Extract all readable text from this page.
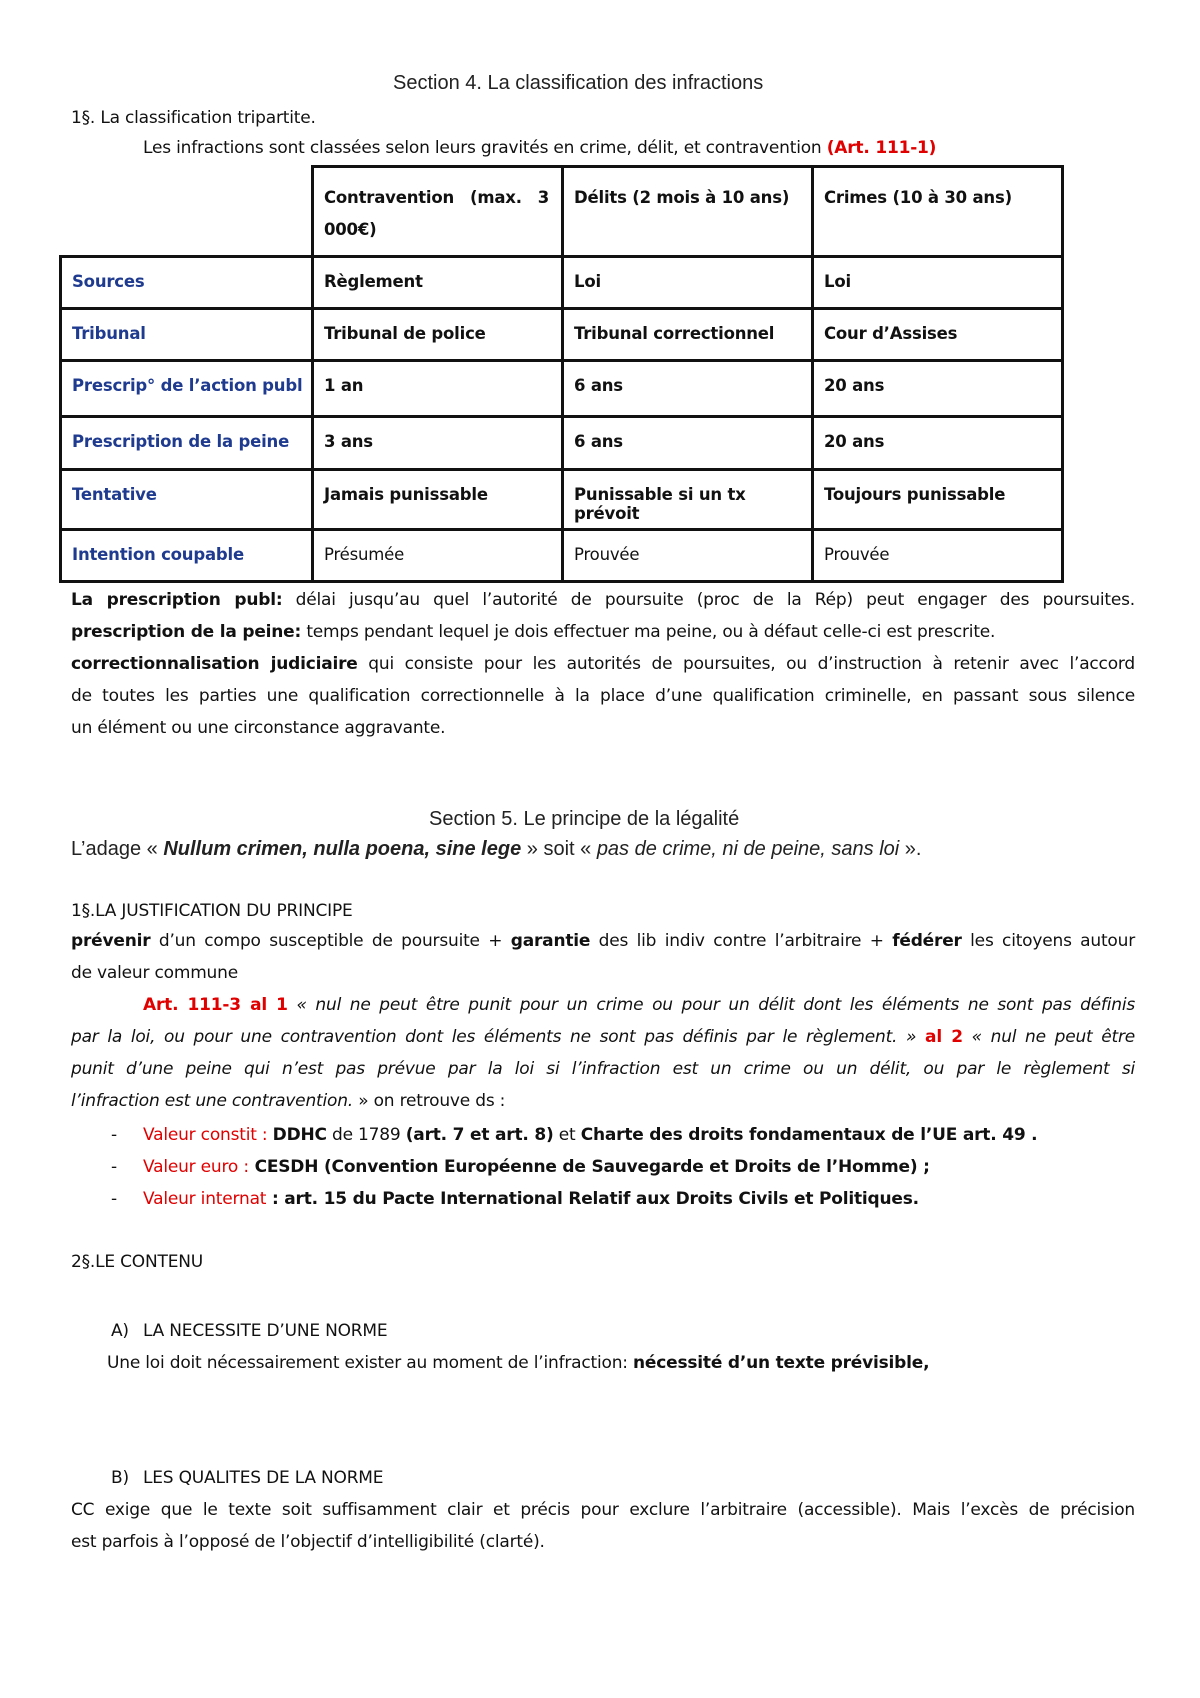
Section 4. La classification des infractions
1§. La classification tripartite.
Les infractions sont classées selon leurs gravités en crime, délit, et contravention (Art. 111-1)

	Contravention (max. 3
000€)	Délits (2 mois à 10 ans)	Crimes (10 à 30 ans)
Sources	Règlement	Loi	Loi
Tribunal	Tribunal de police	Tribunal correctionnel	Cour d’Assises
Prescrip° de l’action publ	1 an	6 ans	20 ans
Prescription de la peine	3 ans	6 ans	20 ans
Tentative	Jamais punissable	Punissable si un tx prévoit	Toujours punissable
Intention coupable	Présumée	Prouvée	Prouvée
La prescription publ: délai jusqu’au quel l’autorité de poursuite (proc de la Rép) peut engager des poursuites.
prescription de la peine: temps pendant lequel je dois effectuer ma peine, ou à défaut celle-ci est prescrite.
correctionnalisation judiciaire qui consiste pour les autorités de poursuites, ou d’instruction à retenir avec l’accord
de toutes les parties une qualification correctionnelle à la place d’une qualification criminelle, en passant sous silence
un élément ou une circonstance aggravante.
Section 5. Le principe de la légalité
L’adage « Nullum crimen, nulla poena, sine lege » soit « pas de crime, ni de peine, sans loi ».
1§.LA JUSTIFICATION DU PRINCIPE
prévenir d’un compo susceptible de poursuite + garantie des lib indiv contre l’arbitraire + fédérer les citoyens autour
de valeur commune
Art. 111-3 al 1 « nul ne peut être punit pour un crime ou pour un délit dont les éléments ne sont pas définis
par la loi, ou pour une contravention dont les éléments ne sont pas définis par le règlement. » al 2 « nul ne peut être
punit d’une peine qui n’est pas prévue par la loi si l’infraction est un crime ou un délit, ou par le règlement si
l’infraction est une contravention. » on retrouve ds :
- Valeur constit : DDHC de 1789 (art. 7 et art. 8) et Charte des droits fondamentaux de l’UE art. 49 .
- Valeur euro : CESDH (Convention Européenne de Sauvegarde et Droits de l’Homme) ;
- Valeur internat : art. 15 du Pacte International Relatif aux Droits Civils et Politiques.
2§.LE CONTENU
A) LA NECESSITE D’UNE NORME
Une loi doit nécessairement exister au moment de l’infraction: nécessité d’un texte prévisible,
B) LES QUALITES DE LA NORME
CC exige que le texte soit suffisamment clair et précis pour exclure l’arbitraire (accessible). Mais l’excès de précision
est parfois à l’opposé de l’objectif d’intelligibilité (clarté).
